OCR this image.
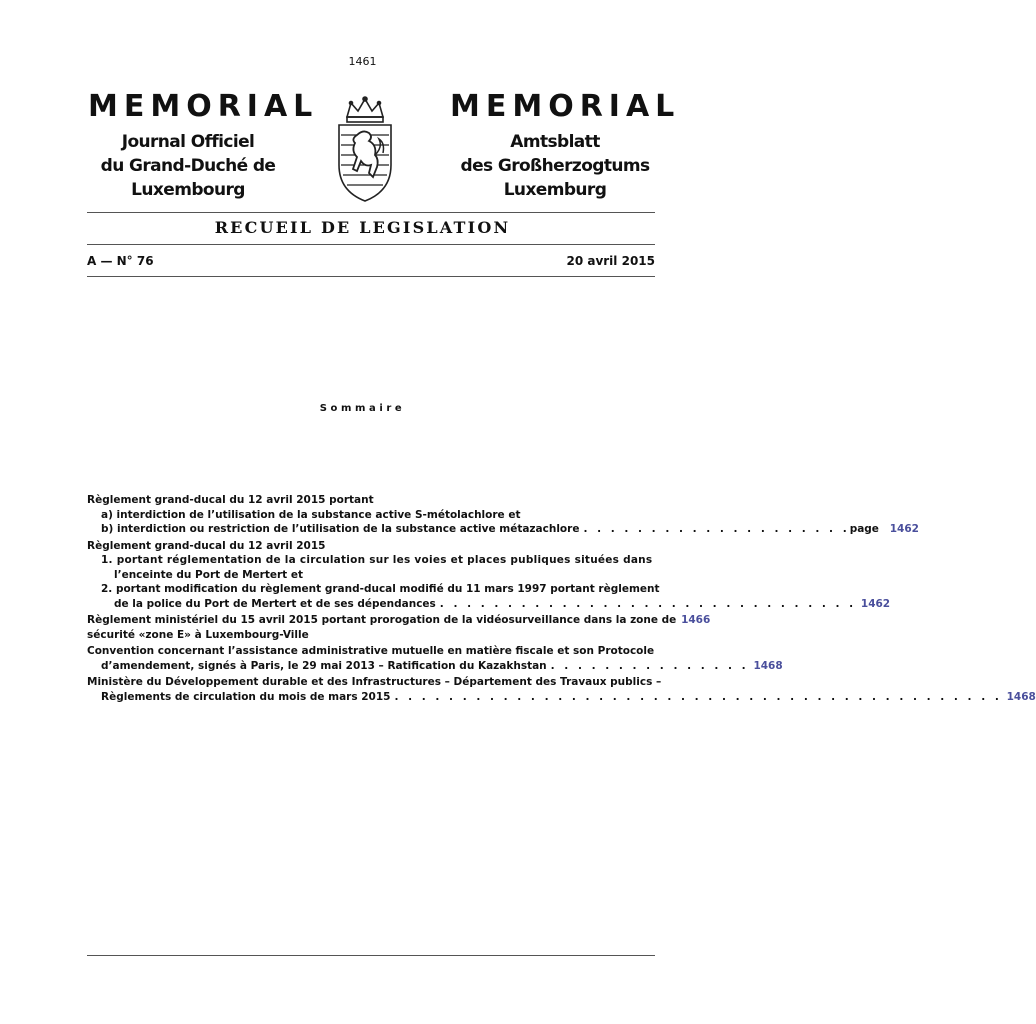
1461
MEMORIAL	MEMORIAL
Journal Officiel
du Grand-Duché de
Luxembourg
Amtsblatt
des Großherzogtums
Luxemburg
RECUEIL DE LEGISLATION
A — N° 76	20 avril 2015
Sommaire
Règlement grand-ducal du 12 avril 2015 portant
a) interdiction de l’utilisation de la substance active S-métolachlore et
b) interdiction ou restriction de l’utilisation de la substance active métazachlore . . . . . . . . . . . . . . . . . . . . page	1462
Règlement grand-ducal du 12 avril 2015
1. portant réglementation de la circulation sur les voies et places publiques situées dans
l’enceinte du Port de Mertert et
2. portant modification du règlement grand-ducal modifié du 11 mars 1997 portant règlement
de la police du Port de Mertert et de ses dépendances . . . . . . . . . . . . . . . . . . . . . . . . . . . . . . . 1462
Règlement ministériel du 15 avril 2015 portant prorogation de la vidéosurveillance dans la zone de 1466
sécurité «zone E» à Luxembourg-Ville
Convention concernant l’assistance administrative mutuelle en matière fiscale et son Protocole
d’amendement, signés à Paris, le 29 mai 2013 – Ratification du Kazakhstan . . . . . . . . . . . . . . . 1468
Ministère du Développement durable et des Infrastructures – Département des Travaux publics –
Règlements de circulation du mois de mars 2015 . . . . . . . . . . . . . . . . . . . . . . . . . . . . . . . . . . . . . . . . . . . . . 1468
